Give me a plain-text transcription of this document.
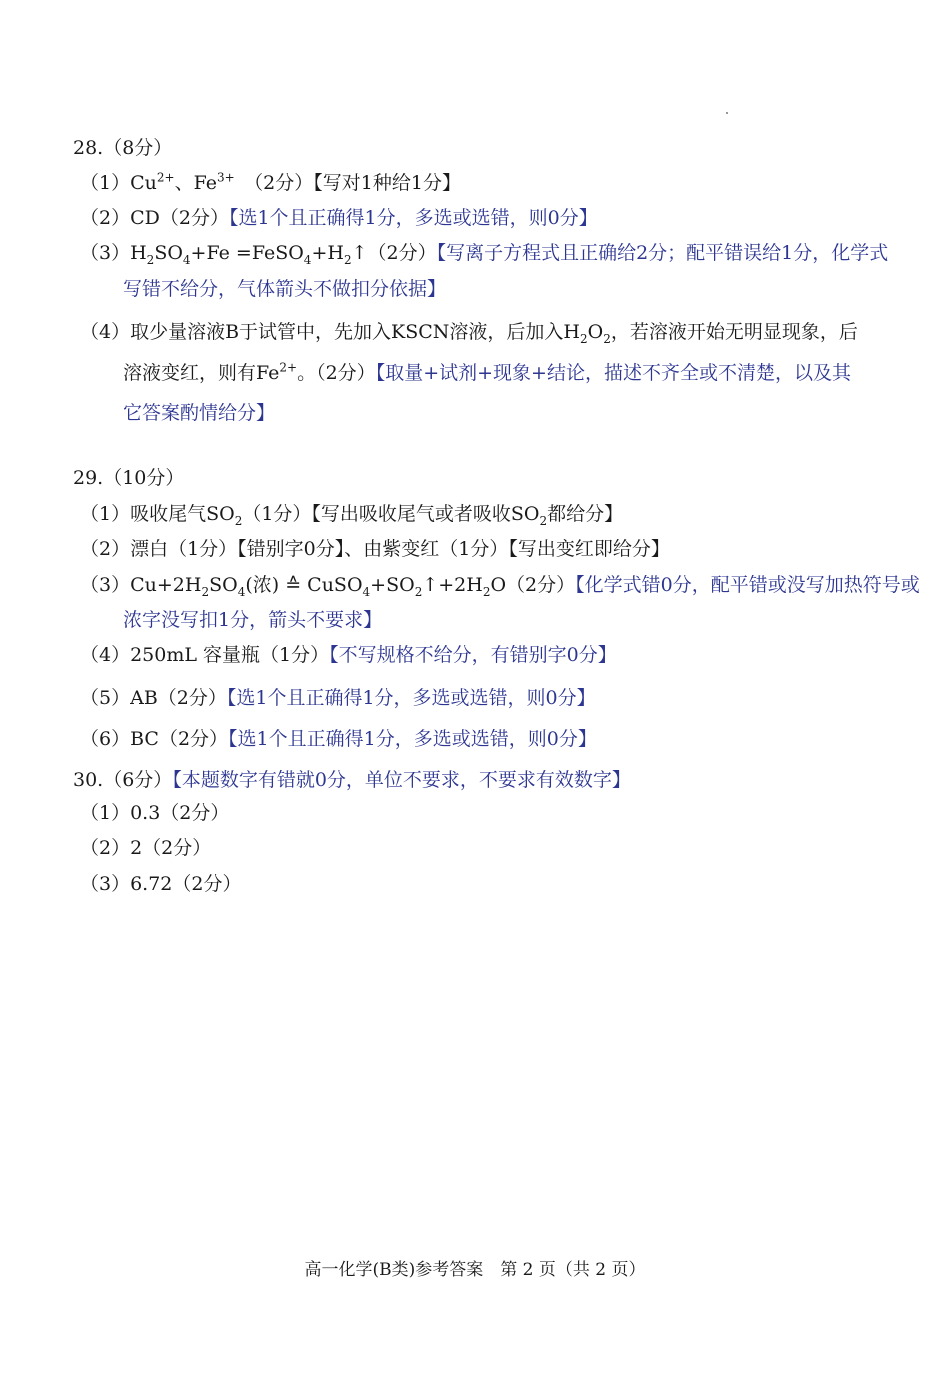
28.（8分）
$(1)Cu^{2+}$、$Fe^{3+}$　（2分）【写对1种给1分】
（2）CD（2分）【选1个且正确得1分，多选或选错，则0分】
$(3)H_2SO_4+Fe$ $=FeSO_4+H_2↑(2$分）【写离子方程式且正确给2分；配平错误给1分，化学式
写错不给分，气体箭头不做扣分依据】
（4）取少量溶液B于试管中，先加入KSCN溶液，后加入$H_2O_2$，若溶液开始无明显现象，后
溶液变红，则有$Fe^{2+}$。（2分）【取量+试剂+现象+结论，描述不齐全或不清楚，以及其
它答案酌情给分】
29.（10分）
（1）吸收尾气$SO_2(1$分）【写出吸收尾气或者吸收$SO_2$都给分】
（2）漂白（1分）【错别字0分】、由紫变红（1分）【写出变红即给分】
$(3)Cu+2H_2SO_4$(浓) ≙ $CuSO_4+SO_2↑+2H_2O(2$分）【化学式错0分，配平错或没写加热符号或
浓字没写扣1分，箭头不要求】
（4）250mL 容量瓶（1分）【不写规格不给分，有错别字0分】
（5）AB（2分）【选1个且正确得1分，多选或选错，则0分】
（6）BC（2分）【选1个且正确得1分，多选或选错，则0分】
30.（6分）【本题数字有错就0分，单位不要求，不要求有效数字】
（1）0.3（2分）
（2）2（2分）
（3）6.72（2分）
高一化学(B类)参考答案　第 2 页（共 2 页）
